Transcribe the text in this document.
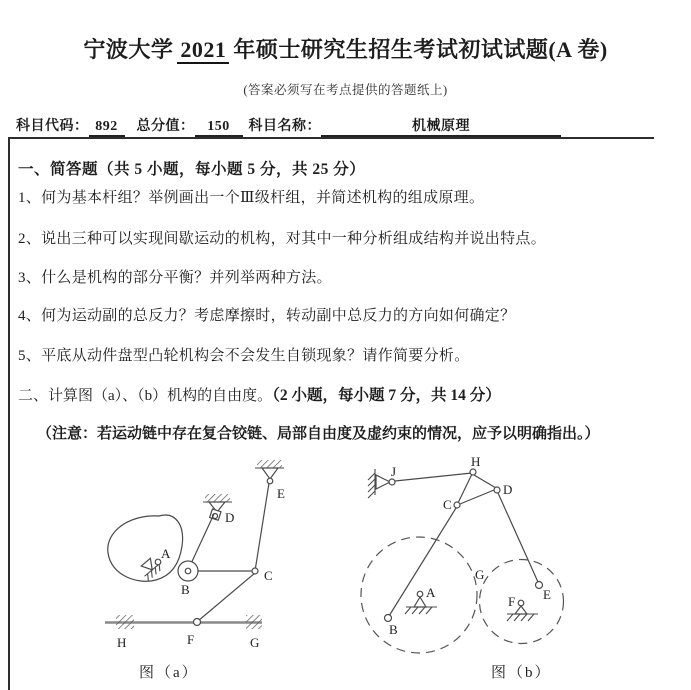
宁波大学 2021 年硕士研究生招生考试初试试题(A 卷)
(答案必须写在考点提供的答题纸上)
科目代码： 892 总分值： 150 科目名称：	机械原理
一、简答题（共 5 小题，每小题 5 分，共 25 分）
1、何为基本杆组？举例画出一个Ⅲ级杆组，并简述机构的组成原理。
2、说出三种可以实现间歇运动的机构，对其中一种分析组成结构并说出特点。
3、什么是机构的部分平衡？并列举两种方法。
4、何为运动副的总反力？考虑摩擦时，转动副中总反力的方向如何确定？
5、平底从动件盘型凸轮机构会不会发生自锁现象？请作简要分析。
二、计算图（a）、（b）机构的自由度。（2 小题，每小题 7 分，共 14 分）
（注意：若运动链中存在复合铰链、局部自由度及虚约束的情况，应予以明确指出。）
A
B
C
D
E
F	G
H
J
H
C
D
G
A
B
E
F
图（a）	图（b）
